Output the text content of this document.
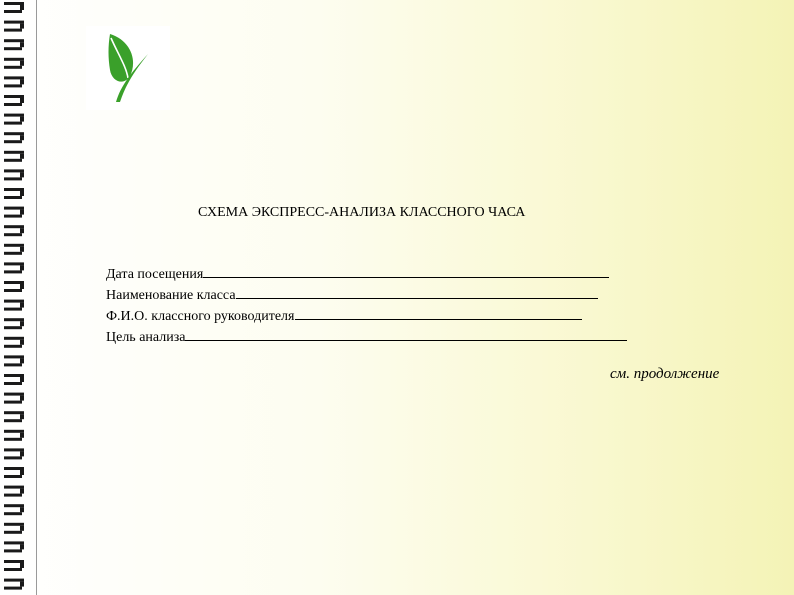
СХЕМА ЭКСПРЕСС-АНАЛИЗА КЛАССНОГО ЧАСА
Дата посещения
Наименование класса
Ф.И.О. классного руководителя
Цель анализа
см. продолжение
